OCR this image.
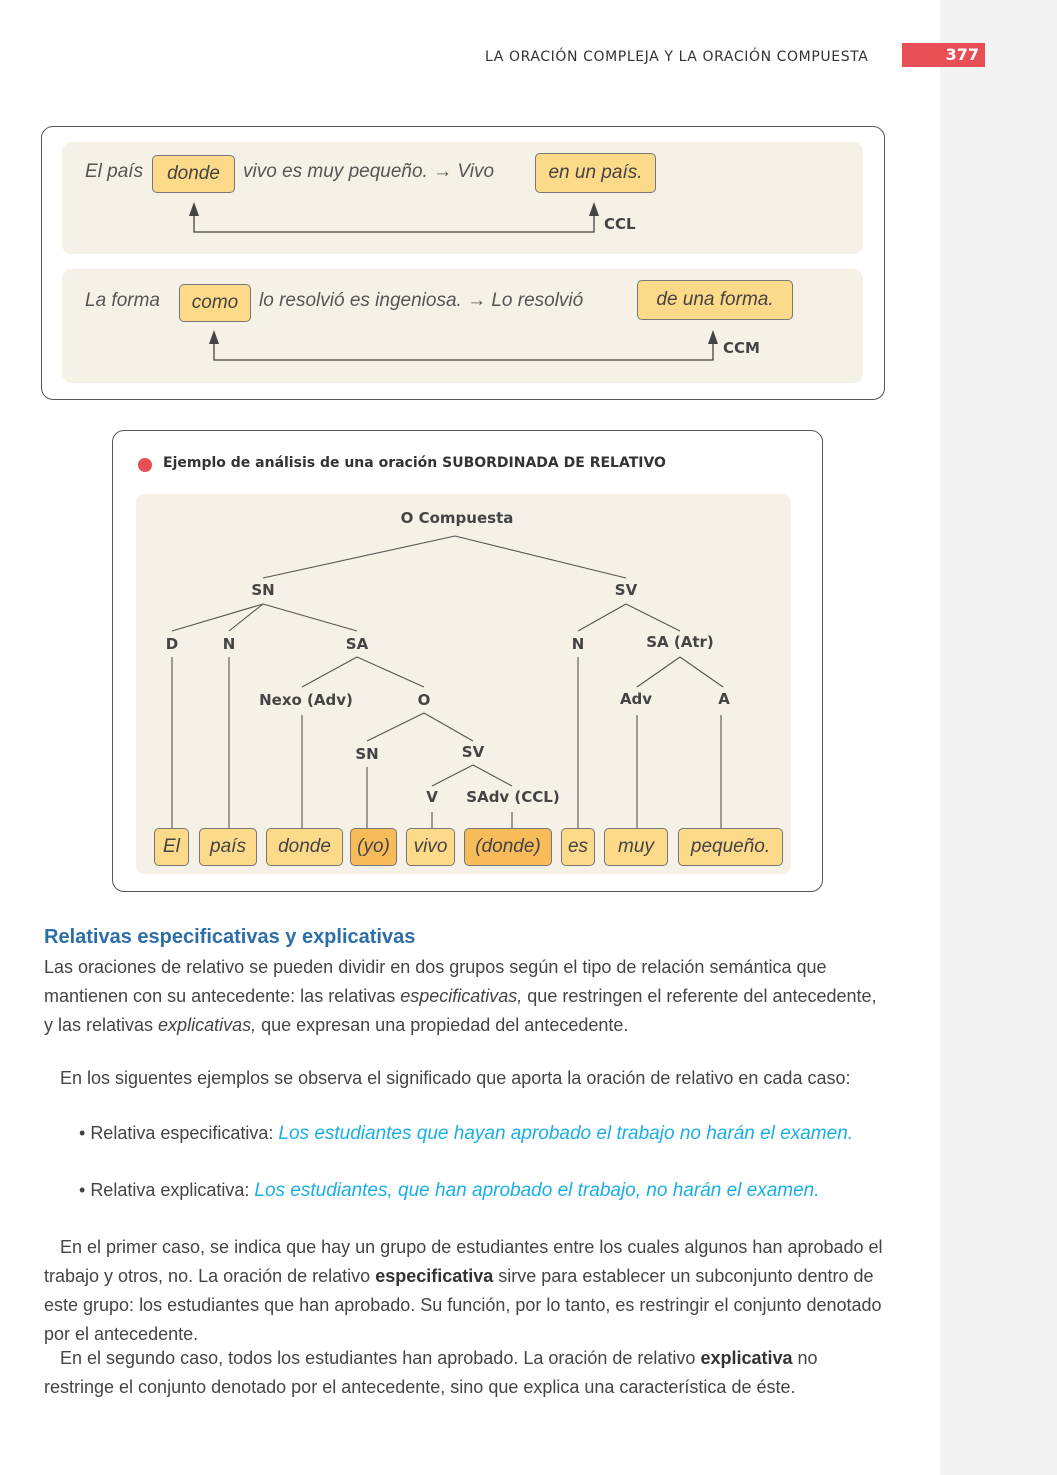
LA ORACIÓN COMPLEJA Y LA ORACIÓN COMPUESTA	377
El país	donde	vivo es muy pequeño. → Vivo	en un país.
CCL
La forma	como	lo resolvió es ingeniosa. → Lo resolvió	de una forma.
CCM
Ejemplo de análisis de una oración SUBORDINADA DE RELATIVO
O Compuesta
SN	SV
D	N	SA	N	SA (Atr)
Nexo (Adv)	O	Adv	A
SN	SV
V SAdv (CCL)
El	país	donde	(yo)	vivo	(donde)	es	muy	pequeño.
Relativas especificativas y explicativas
Las oraciones de relativo se pueden dividir en dos grupos según el tipo de relación semántica que mantienen con su antecedente: las relativas especificativas, que restringen el referente del antecedente, y las relativas explicativas, que expresan una propiedad del antecedente.
En los siguentes ejemplos se observa el significado que aporta la oración de relativo en cada caso:
• Relativa especificativa: Los estudiantes que hayan aprobado el trabajo no harán el examen.
• Relativa explicativa: Los estudiantes, que han aprobado el trabajo, no harán el examen.
En el primer caso, se indica que hay un grupo de estudiantes entre los cuales algunos han aprobado el trabajo y otros, no. La oración de relativo especificativa sirve para establecer un subconjunto dentro de este grupo: los estudiantes que han aprobado. Su función, por lo tanto, es restringir el conjunto denotado por el antecedente.
En el segundo caso, todos los estudiantes han aprobado. La oración de relativo explicativa no restringe el conjunto denotado por el antecedente, sino que explica una característica de éste.
